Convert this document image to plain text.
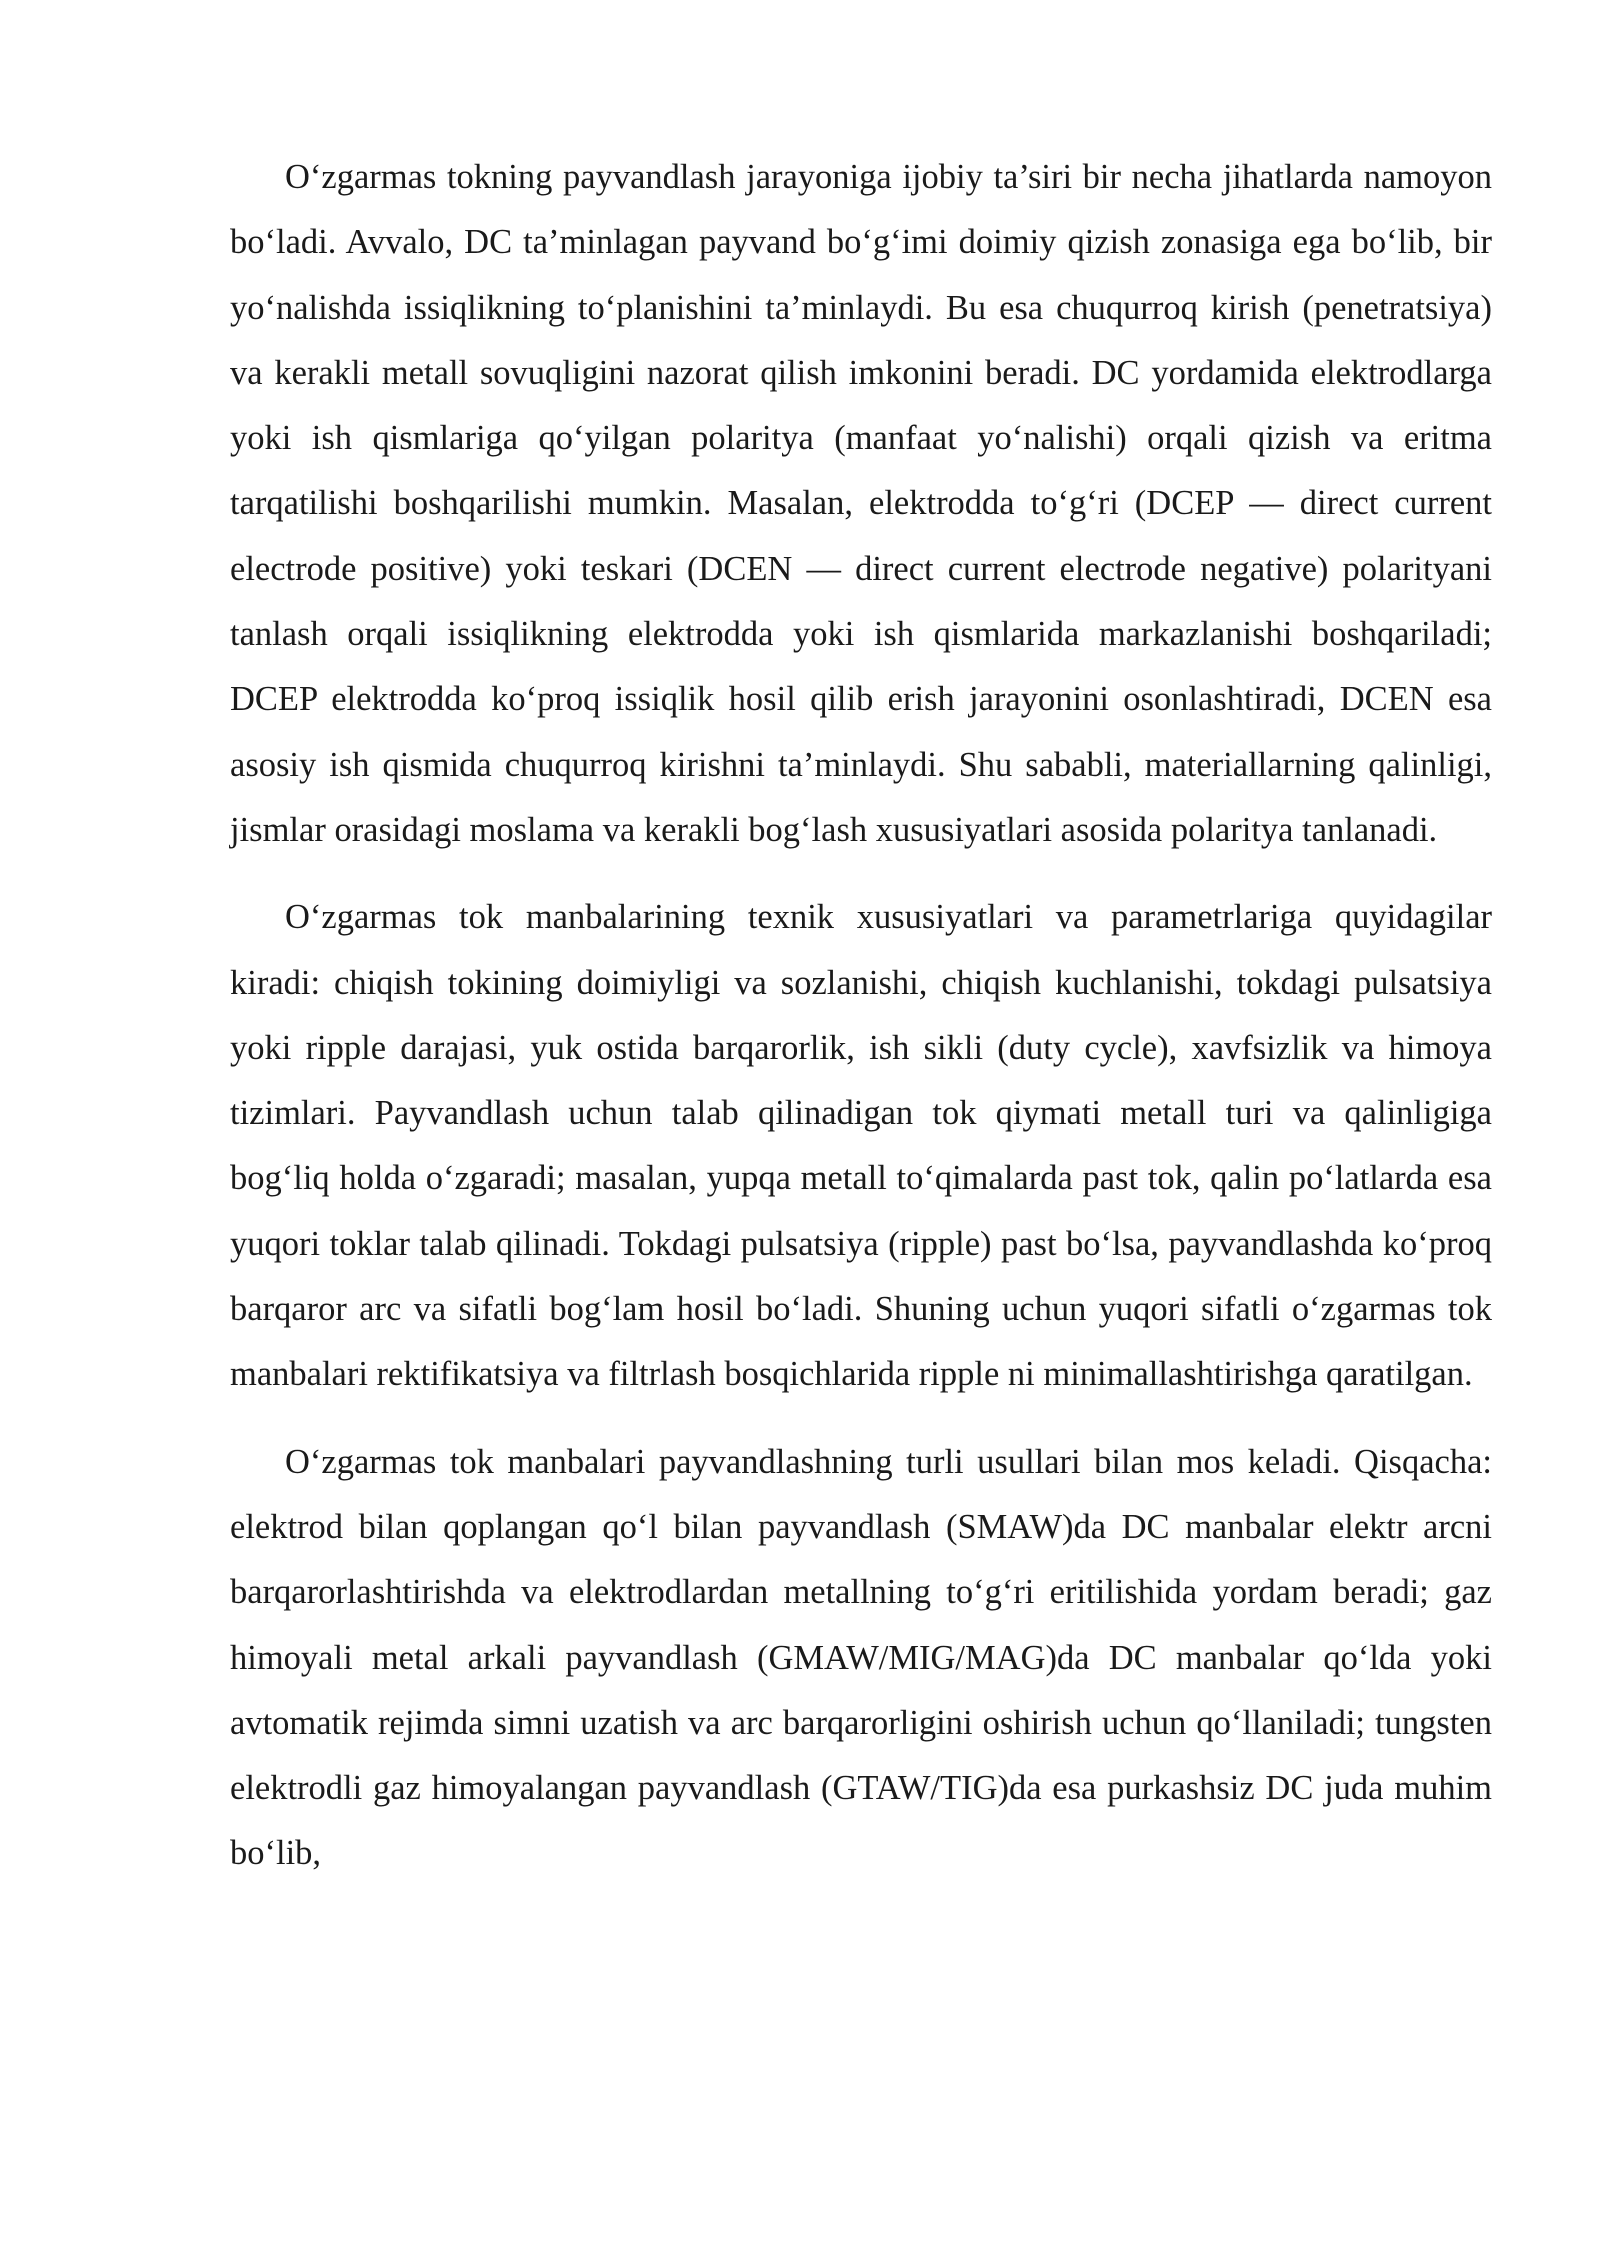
O‘zgarmas tokning payvandlash jarayoniga ijobiy ta’siri bir necha jihatlarda namoyon bo‘ladi. Avvalo, DC ta’minlagan payvand bo‘g‘imi doimiy qizish zonasiga ega bo‘lib, bir yo‘nalishda issiqlikning to‘planishini ta’minlaydi. Bu esa chuqurroq kirish (penetratsiya) va kerakli metall sovuqligini nazorat qilish imkonini beradi. DC yordamida elektrodlarga yoki ish qismlariga qo‘yilgan polaritya (manfaat yo‘nalishi) orqali qizish va eritma tarqatilishi boshqarilishi mumkin. Masalan, elektrodda to‘g‘ri (DCEP — direct current electrode positive) yoki teskari (DCEN — direct current electrode negative) polarityani tanlash orqali issiqlikning elektrodda yoki ish qismlarida markazlanishi boshqariladi; DCEP elektrodda ko‘proq issiqlik hosil qilib erish jarayonini osonlashtiradi, DCEN esa asosiy ish qismida chuqurroq kirishni ta’minlaydi. Shu sababli, materiallarning qalinligi, jismlar orasidagi moslama va kerakli bog‘lash xususiyatlari asosida polaritya tanlanadi.

O‘zgarmas tok manbalarining texnik xususiyatlari va parametrlariga quyidagilar kiradi: chiqish tokining doimiyligi va sozlanishi, chiqish kuchlanishi, tokdagi pulsatsiya yoki ripple darajasi, yuk ostida barqarorlik, ish sikli (duty cycle), xavfsizlik va himoya tizimlari. Payvandlash uchun talab qilinadigan tok qiymati metall turi va qalinligiga bog‘liq holda o‘zgaradi; masalan, yupqa metall to‘qimalarda past tok, qalin po‘latlarda esa yuqori toklar talab qilinadi. Tokdagi pulsatsiya (ripple) past bo‘lsa, payvandlashda ko‘proq barqaror arc va sifatli bog‘lam hosil bo‘ladi. Shuning uchun yuqori sifatli o‘zgarmas tok manbalari rektifikatsiya va filtrlash bosqichlarida ripple ni minimallashtirishga qaratilgan.

O‘zgarmas tok manbalari payvandlashning turli usullari bilan mos keladi. Qisqacha: elektrod bilan qoplangan qo‘l bilan payvandlash (SMAW)da DC manbalar elektr arcni barqarorlashtirishda va elektrodlardan metallning to‘g‘ri eritilishida yordam beradi; gaz himoyali metal arkali payvandlash (GMAW/MIG/MAG)da DC manbalar qo‘lda yoki avtomatik rejimda simni uzatish va arc barqarorligini oshirish uchun qo‘llaniladi; tungsten elektrodli gaz himoyalangan payvandlash (GTAW/TIG)da esa purkashsiz DC juda muhim bo‘lib,
